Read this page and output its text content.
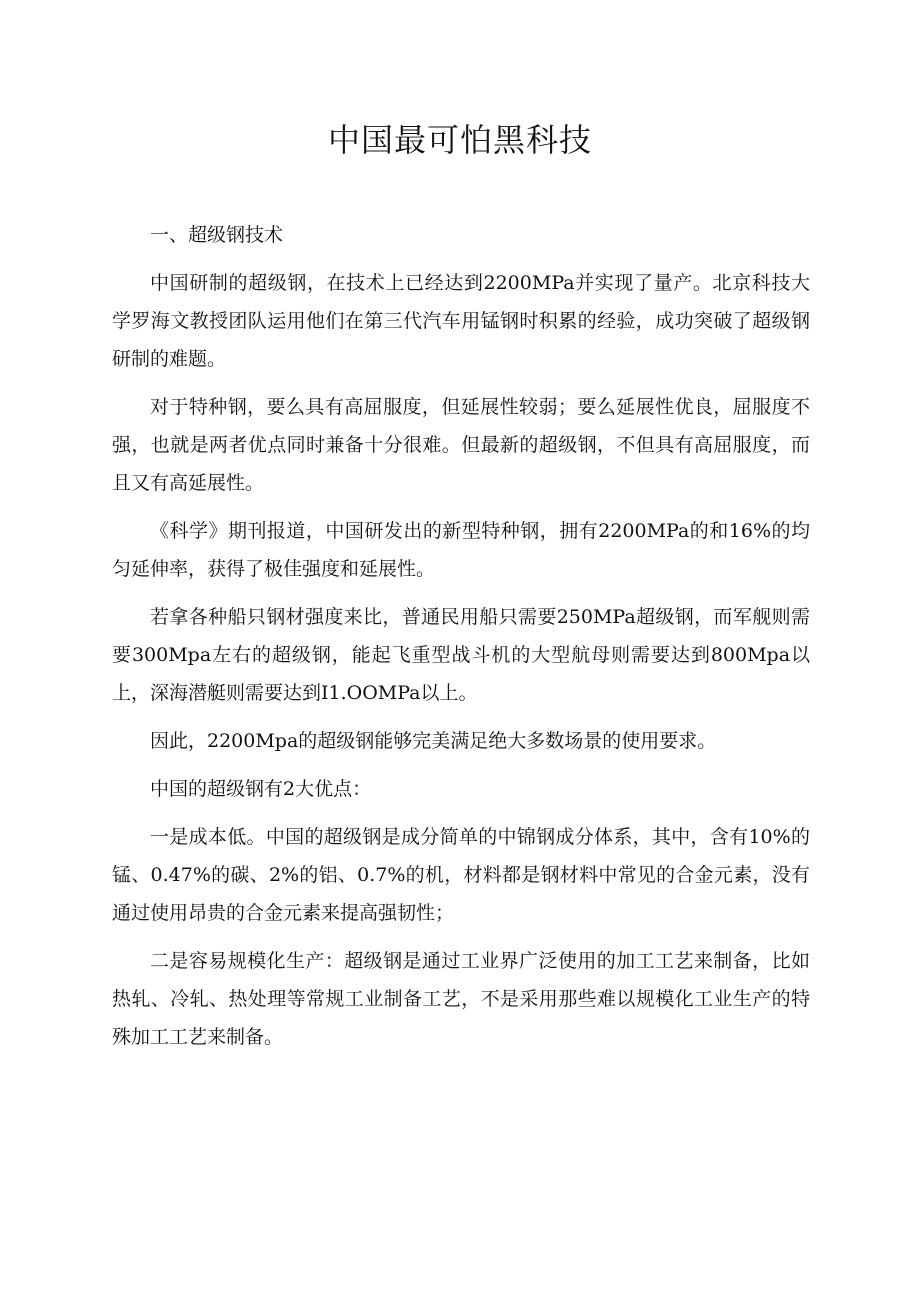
中国最可怕黑科技

一、超级钢技术

中国研制的超级钢，在技术上已经达到2200MPa并实现了量产。北京科技大学罗海文教授团队运用他们在第三代汽车用锰钢时积累的经验，成功突破了超级钢研制的难题。

对于特种钢，要么具有高屈服度，但延展性较弱；要么延展性优良，屈服度不强，也就是两者优点同时兼备十分很难。但最新的超级钢，不但具有高屈服度，而且又有高延展性。

《科学》期刊报道，中国研发出的新型特种钢，拥有2200MPa的和16%的均匀延伸率，获得了极佳强度和延展性。

若拿各种船只钢材强度来比，普通民用船只需要250MPa超级钢，而军舰则需要300Mpa左右的超级钢，能起飞重型战斗机的大型航母则需要达到800Mpa以上，深海潜艇则需要达到I1.OOMPa以上。

因此，2200Mpa的超级钢能够完美满足绝大多数场景的使用要求。

中国的超级钢有2大优点：

一是成本低。中国的超级钢是成分简单的中锦钢成分体系，其中，含有10%的锰、0.47%的碳、2%的铝、0.7%的机，材料都是钢材料中常见的合金元素，没有通过使用昂贵的合金元素来提高强韧性；

二是容易规模化生产：超级钢是通过工业界广泛使用的加工工艺来制备，比如热轧、冷轧、热处理等常规工业制备工艺，不是采用那些难以规模化工业生产的特殊加工工艺来制备。
